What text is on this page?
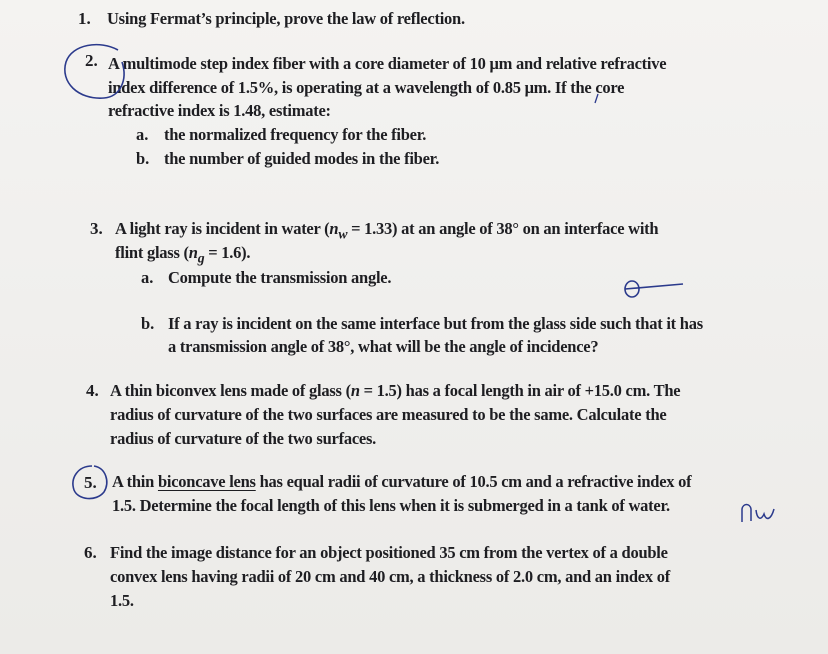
1. Using Fermat’s principle, prove the law of reflection.
2. A multimode step index fiber with a core diameter of 10 μm and relative refractive
index difference of 1.5%, is operating at a wavelength of 0.85 μm. If the core
refractive index is 1.48, estimate:
a. the normalized frequency for the fiber.
b. the number of guided modes in the fiber.
3. A light ray is incident in water $(n_w = 1.33)$ at an angle of 38° on an interface with
flint glass $(n_g = 1.6)$.
a. Compute the transmission angle.
b. If a ray is incident on the same interface but from the glass side such that it has
a transmission angle of 38°, what will be the angle of incidence?
4. A thin biconvex lens made of glass (n = 1.5) has a focal length in air of +15.0 cm. The
radius of curvature of the two surfaces are measured to be the same. Calculate the
radius of curvature of the two surfaces.
5. A thin biconcave lens has equal radii of curvature of 10.5 cm and a refractive index of
1.5. Determine the focal length of this lens when it is submerged in a tank of water.
6. Find the image distance for an object positioned 35 cm from the vertex of a double
convex lens having radii of 20 cm and 40 cm, a thickness of 2.0 cm, and an index of
1.5.
